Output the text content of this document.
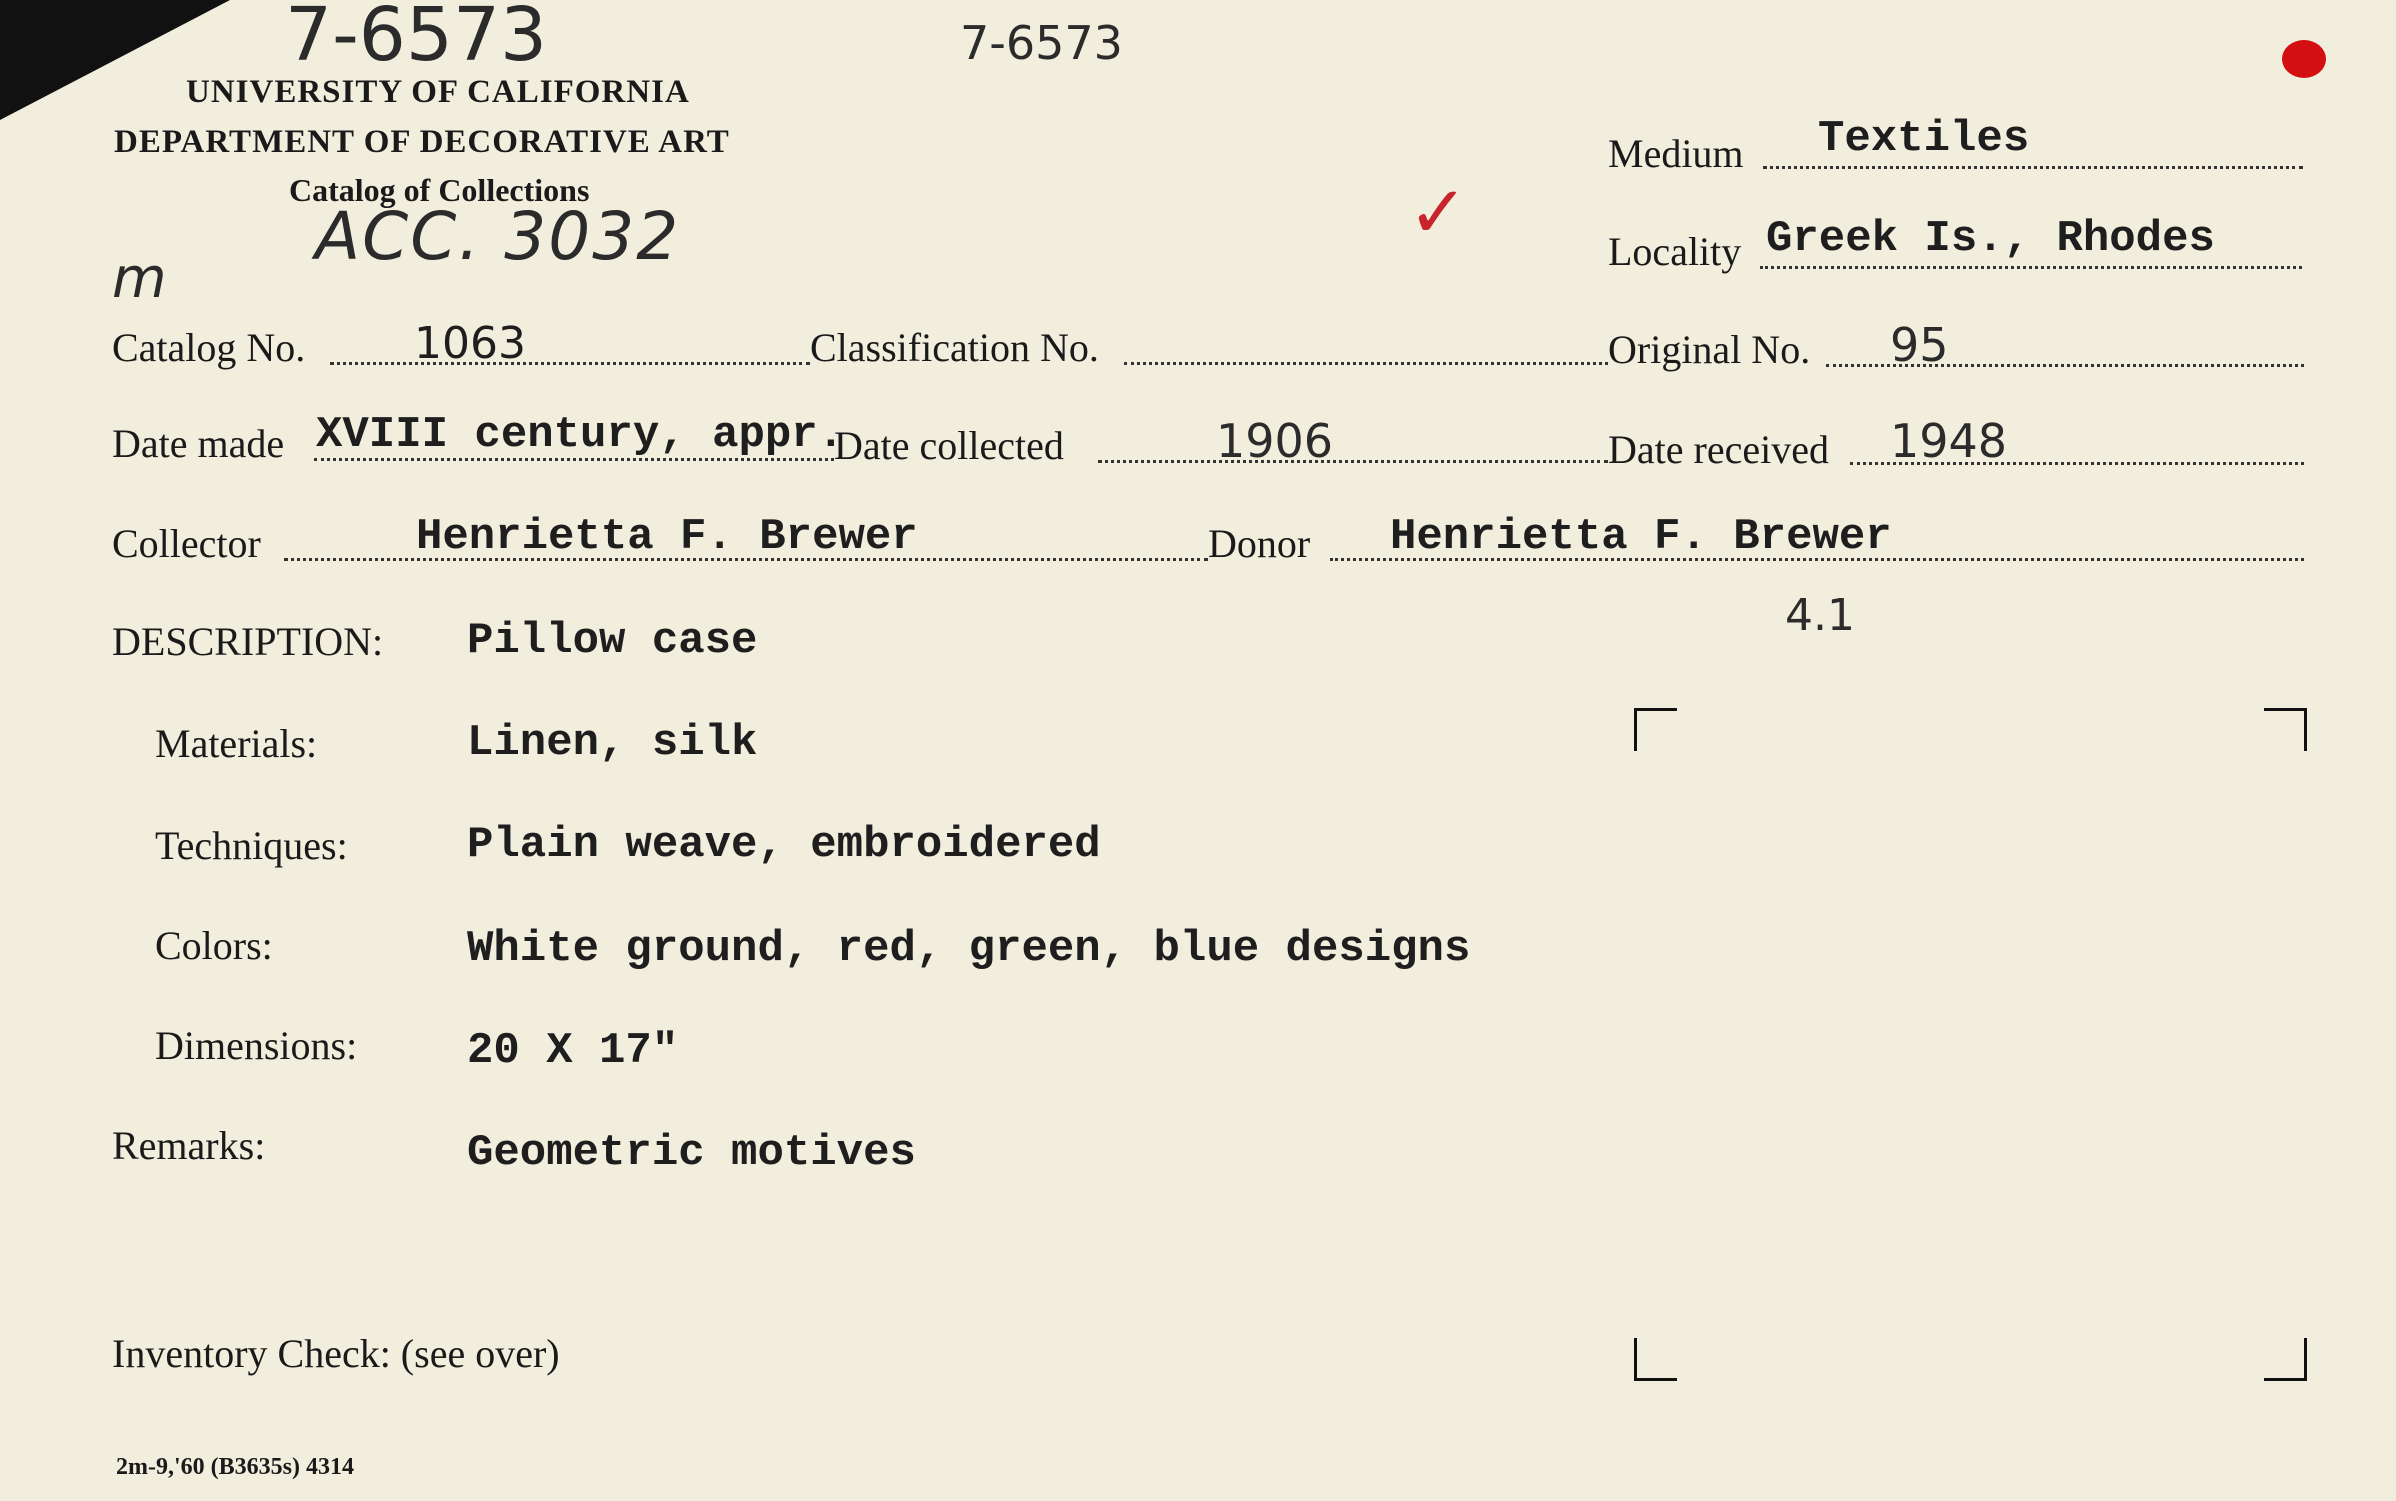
7-6573	7-6573
ACC. 3032
m
✓
4.1
UNIVERSITY OF CALIFORNIA
DEPARTMENT OF DECORATIVE ART
Catalog of Collections
Medium Textiles
Locality Greek Is., Rhodes
Catalog No. 1063	Classification No.	Original No. 95
Date made XVIII century, appr.
Date collected	1906	Date received 1948
Collector	Henrietta F. Brewer	Donor Henrietta F. Brewer
DESCRIPTION: Pillow case
Materials:	Linen, silk
Techniques:	Plain weave, embroidered
Colors:	White ground, red, green, blue designs
Dimensions: 20 X 17"
Remarks:	Geometric motives
Inventory Check: (see over)
2m-9,'60 (B3635s) 4314
